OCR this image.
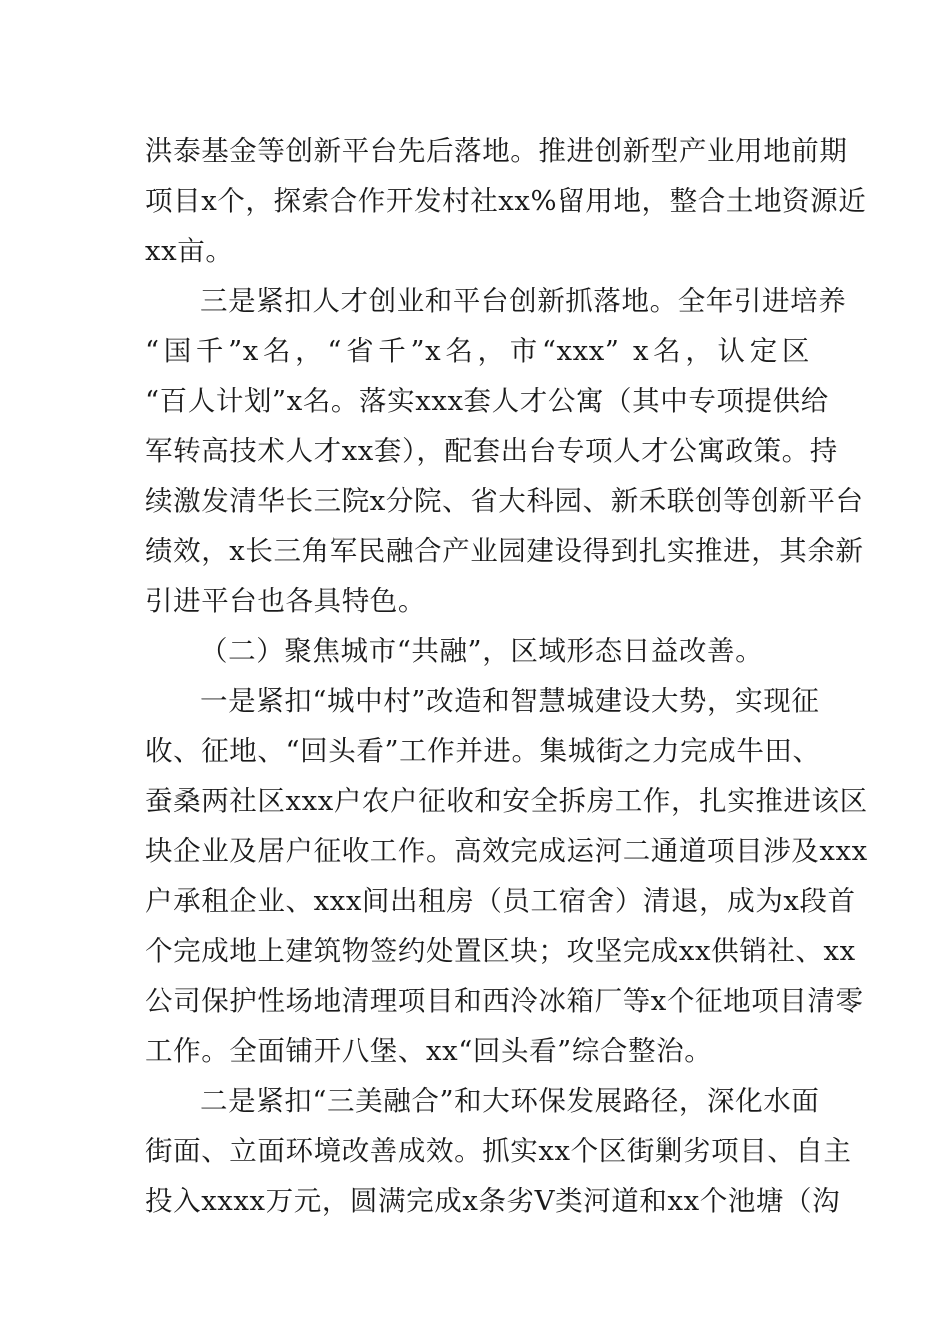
洪泰基金等创新平台先后落地。推进创新型产业用地前期
项目x个，探索合作开发村社xx%留用地，整合土地资源近
xx亩。
三是紧扣人才创业和平台创新抓落地。全年引进培养
“国千”x名，“省千”x名，市“xxx” x名，认定区
“百人计划”x名。落实xxx套人才公寓（其中专项提供给
军转高技术人才xx套），配套出台专项人才公寓政策。持
续激发清华长三院x分院、省大科园、新禾联创等创新平台
绩效，x长三角军民融合产业园建设得到扎实推进，其余新
引进平台也各具特色。
（二）聚焦城市“共融”，区域形态日益改善。
一是紧扣“城中村”改造和智慧城建设大势，实现征
收、征地、“回头看”工作并进。集城街之力完成牛田、
蚕桑两社区xxx户农户征收和安全拆房工作，扎实推进该区
块企业及居户征收工作。高效完成运河二通道项目涉及xxx
户承租企业、xxx间出租房（员工宿舍）清退，成为x段首
个完成地上建筑物签约处置区块；攻坚完成xx供销社、xx
公司保护性场地清理项目和西泠冰箱厂等x个征地项目清零
工作。全面铺开八堡、xx“回头看”综合整治。
二是紧扣“三美融合”和大环保发展路径，深化水面
街面、立面环境改善成效。抓实xx个区街剿劣项目、自主
投入xxxx万元，圆满完成x条劣Ⅴ类河道和xx个池塘（沟
